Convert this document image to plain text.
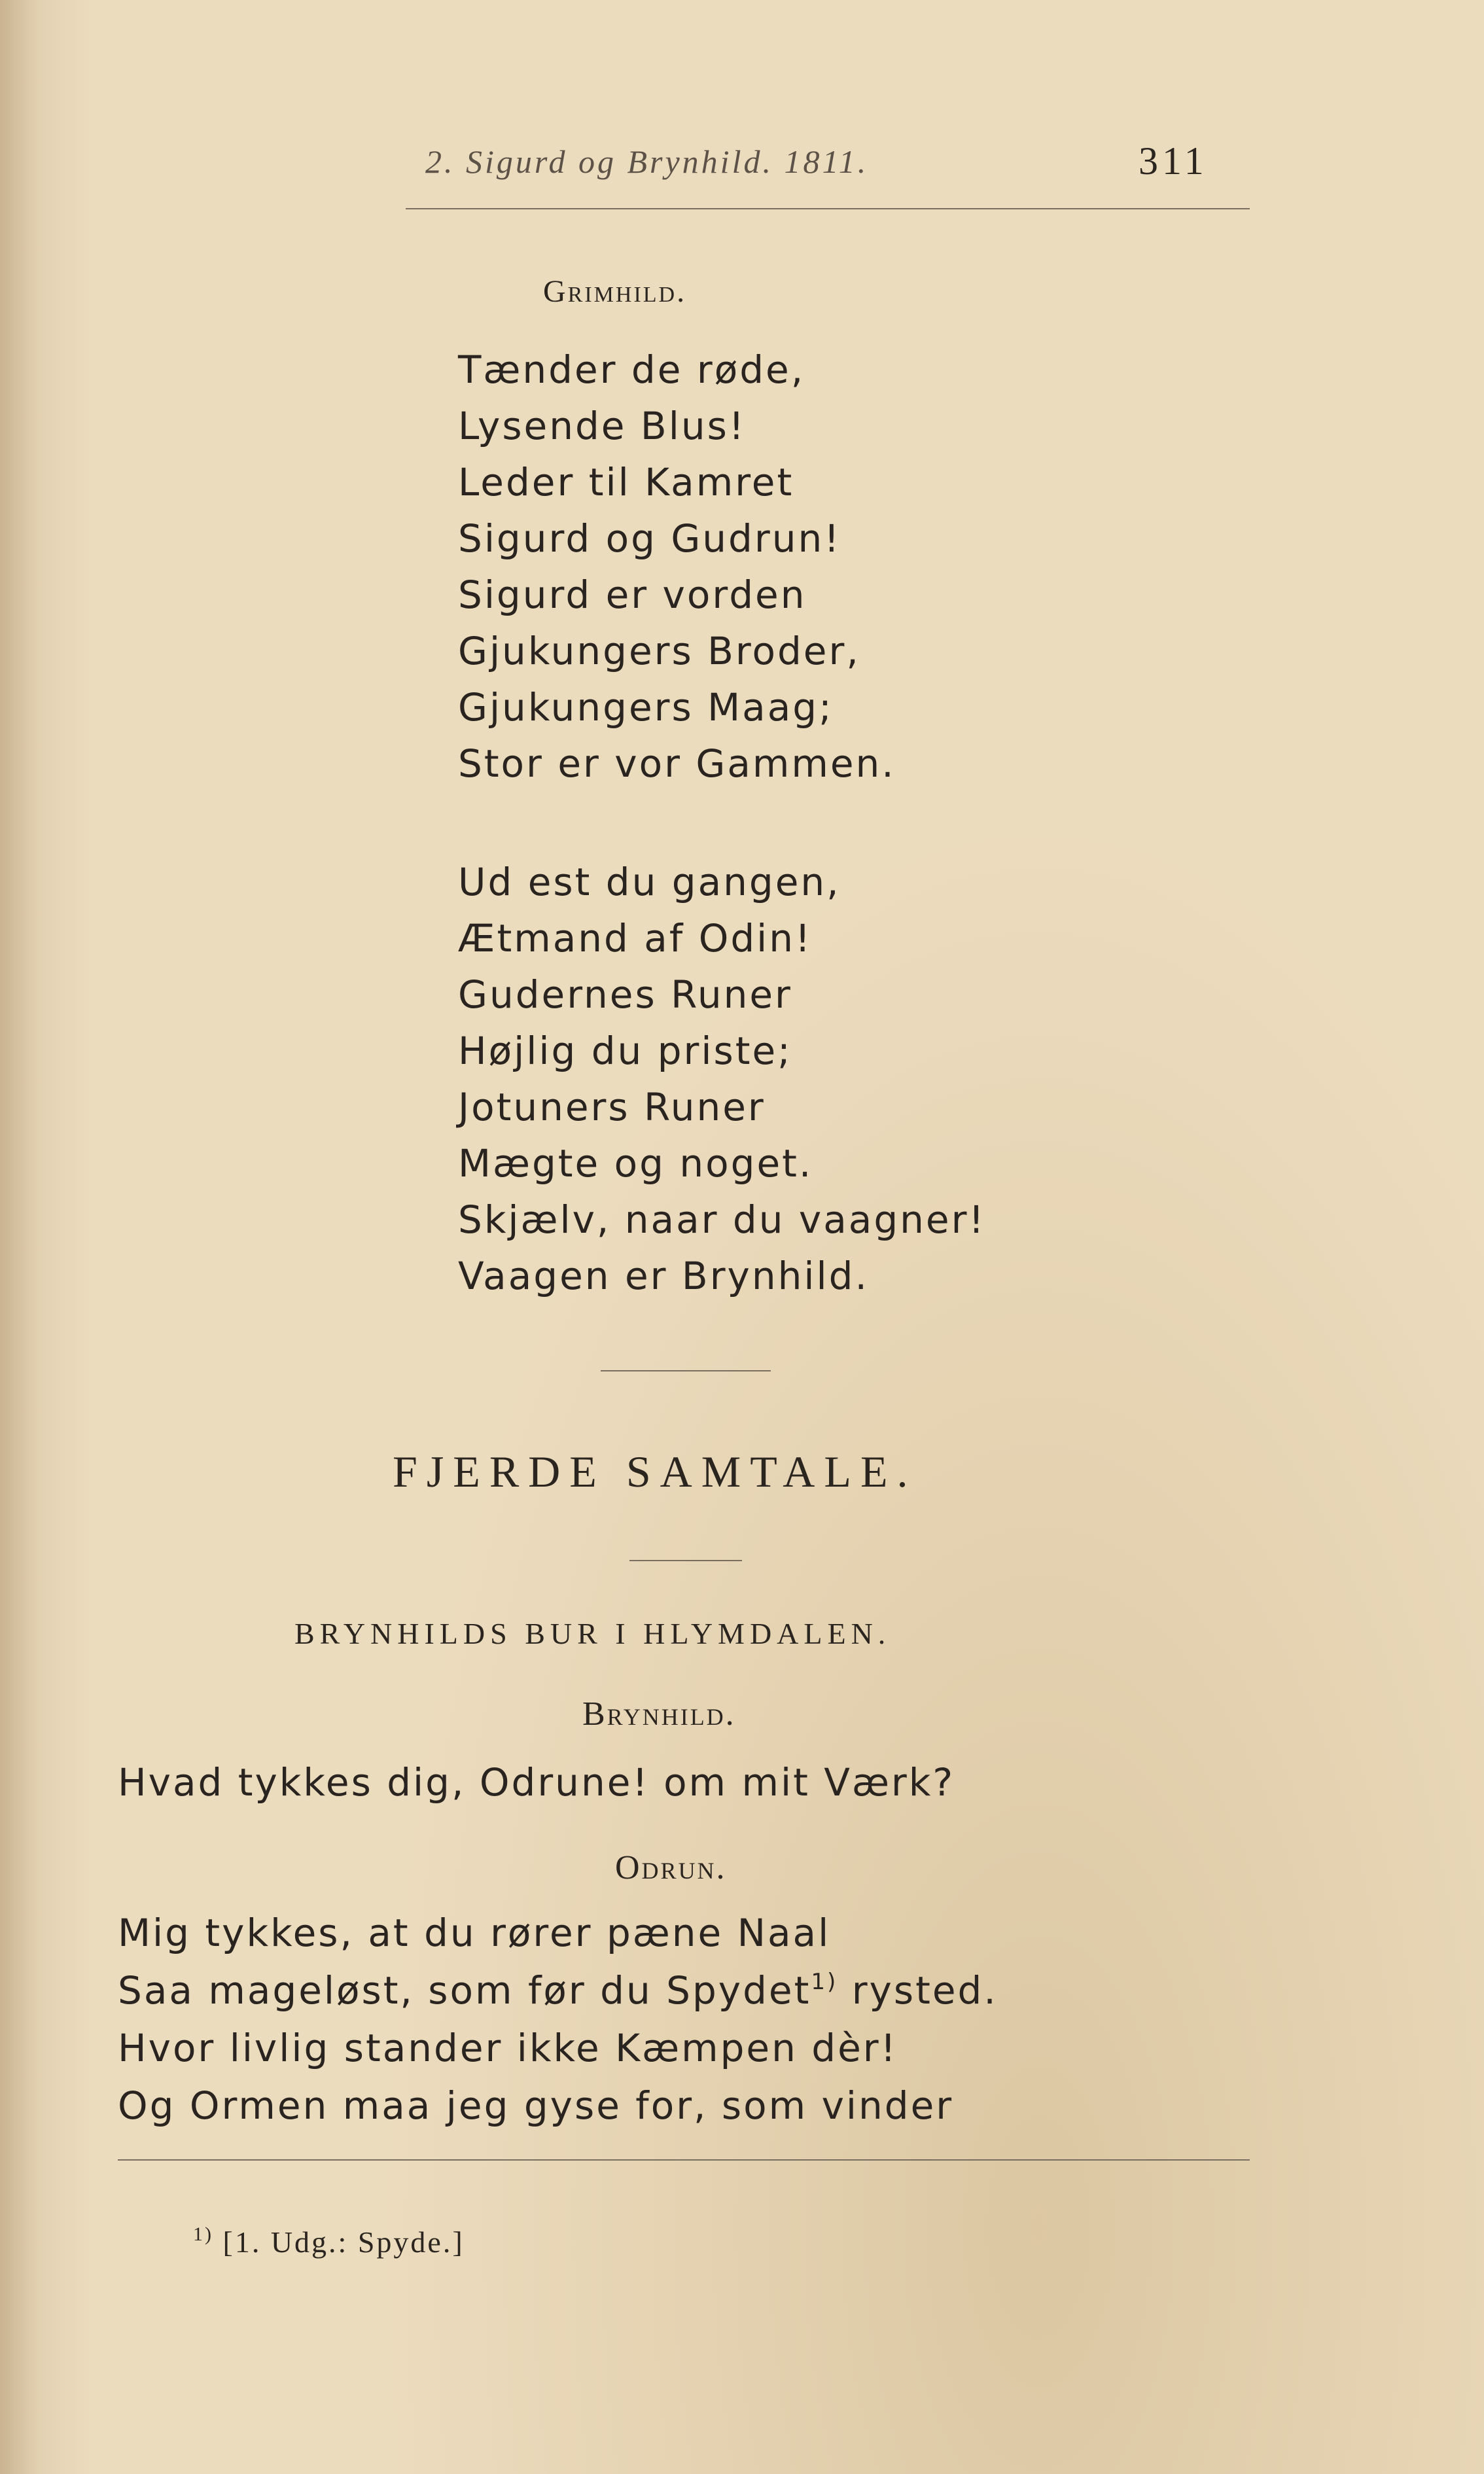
2. Sigurd og Brynhild. 1811.	311
Grimhild.
Tænder de røde,
Lysende Blus!
Leder til Kamret
Sigurd og Gudrun!
Sigurd er vorden
Gjukungers Broder,
Gjukungers Maag;
Stor er vor Gammen.
Ud est du gangen,
Ætmand af Odin!
Gudernes Runer
Højlig du priste;
Jotuners Runer
Mægte og noget.
Skjælv, naar du vaagner!
Vaagen er Brynhild.
FJERDE SAMTALE.
BRYNHILDS BUR I HLYMDALEN.
Brynhild.
Hvad tykkes dig, Odrune! om mit Værk?
Odrun.
Mig tykkes, at du rører pæne Naal
Saa mageløst, som før du Spydet$^{1)}$ rysted.
Hvor livlig stander ikke Kæmpen dèr!
Og Ormen maa jeg gyse for, som vinder
$^{1)}$ [1. Udg.: Spyde.]
